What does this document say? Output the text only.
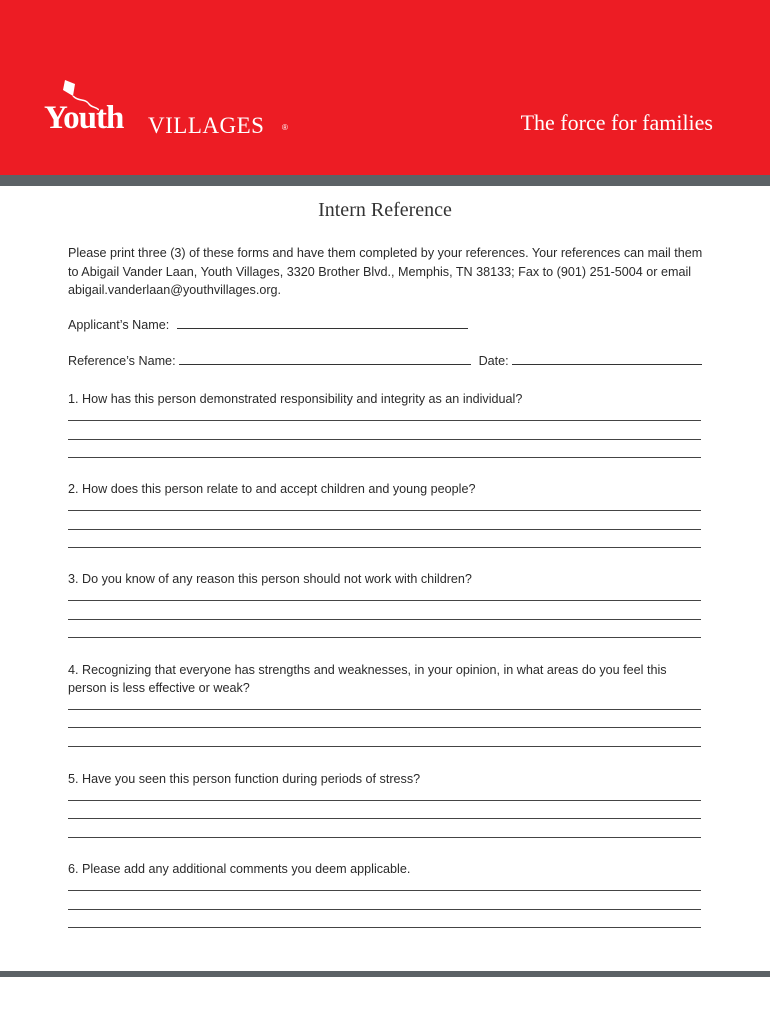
Youth VILLAGES ®	The force for families
Intern Reference
Please print three (3) of these forms and have them completed by your references. Your references can mail them to Abigail Vander Laan, Youth Villages, 3320 Brother Blvd., Memphis, TN 38133; Fax to (901) 251-5004 or email abigail.vanderlaan@youthvillages.org.
Applicant’s Name:
Reference’s Name:	Date:
1. How has this person demonstrated responsibility and integrity as an individual?
2. How does this person relate to and accept children and young people?
3. Do you know of any reason this person should not work with children?
4. Recognizing that everyone has strengths and weaknesses, in your opinion, in what areas do you feel this person is less effective or weak?
5. Have you seen this person function during periods of stress?
6. Please add any additional comments you deem applicable.
